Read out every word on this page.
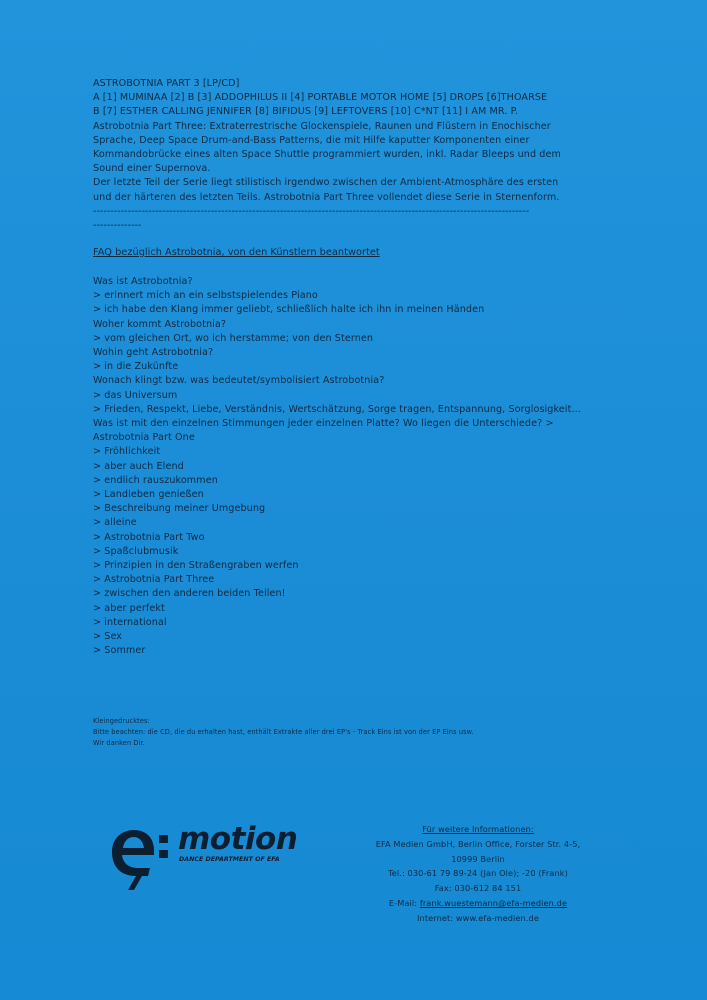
ASTROBOTNIA PART 3 [LP/CD]
A [1] MUMINAA [2] B [3] ADDOPHILUS II [4] PORTABLE MOTOR HOME [5] DROPS [6]THOARSE
B [7] ESTHER CALLING JENNIFER [8] BIFIDUS [9] LEFTOVERS [10] C*NT [11] I AM MR. P.
Astrobotnia Part Three: Extraterrestrische Glockenspiele, Raunen und Flüstern in Enochischer
Sprache, Deep Space Drum-and-Bass Patterns, die mit Hilfe kaputter Komponenten einer
Kommandobrücke eines alten Space Shuttle programmiert wurden, inkl. Radar Bleeps und dem
Sound einer Supernova.
Der letzte Teil der Serie liegt stilistisch irgendwo zwischen der Ambient-Atmosphäre des ersten
und der härteren des letzten Teils. Astrobotnia Part Three vollendet diese Serie in Sternenform.
------------------------------------------------------------------------------------------------------------------------------
--------------
FAQ bezüglich Astrobotnia, von den Künstlern beantwortet
Was ist Astrobotnia?
> erinnert mich an ein selbstspielendes Piano
> ich habe den Klang immer geliebt, schließlich halte ich ihn in meinen Händen
Woher kommt Astrobotnia?
> vom gleichen Ort, wo ich herstamme; von den Sternen
Wohin geht Astrobotnia?
> in die Zukünfte
Wonach klingt bzw. was bedeutet/symbolisiert Astrobotnia?
> das Universum
> Frieden, Respekt, Liebe, Verständnis, Wertschätzung, Sorge tragen, Entspannung, Sorglosigkeit...
Was ist mit den einzelnen Stimmungen jeder einzelnen Platte? Wo liegen die Unterschiede? >
Astrobotnia Part One
> Fröhlichkeit
> aber auch Elend
> endlich rauszukommen
> Landleben genießen
> Beschreibung meiner Umgebung
> alleine
> Astrobotnia Part Two
> Spaßclubmusik
> Prinzipien in den Straßengraben werfen
> Astrobotnia Part Three
> zwischen den anderen beiden Teilen!
> aber perfekt
> international
> Sex
> Sommer
Kleingedrucktes:
Bitte beachten: die CD, die du erhalten hast, enthält Extrakte aller drei EP's - Track Eins ist von der EP Eins usw.
Wir danken Dir.
e: motion
DANCE DEPARTMENT OF EFA
Für weitere Informationen:
EFA Medien GmbH, Berlin Office, Forster Str. 4-5,
10999 Berlin
Tel.: 030-61 79 89-24 (Jan Ole); -20 (Frank)
Fax: 030-612 84 151
E-Mail: frank.wuestemann@efa-medien.de
Internet: www.efa-medien.de
